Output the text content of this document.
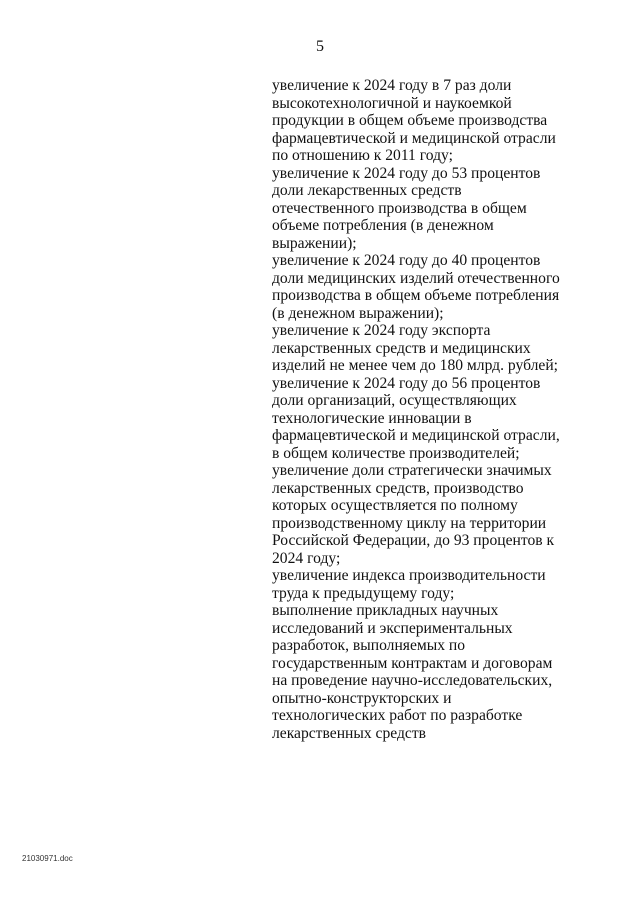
5
увеличение к 2024 году в 7 раз доли
высокотехнологичной и наукоемкой
продукции в общем объеме производства
фармацевтической и медицинской отрасли
по отношению к 2011 году;
увеличение к 2024 году до 53 процентов
доли лекарственных средств
отечественного производства в общем
объеме потребления (в денежном
выражении);
увеличение к 2024 году до 40 процентов
доли медицинских изделий отечественного
производства в общем объеме потребления
(в денежном выражении);
увеличение к 2024 году экспорта
лекарственных средств и медицинских
изделий не менее чем до 180 млрд. рублей;
увеличение к 2024 году до 56 процентов
доли организаций, осуществляющих
технологические инновации в
фармацевтической и медицинской отрасли,
в общем количестве производителей;
увеличение доли стратегически значимых
лекарственных средств, производство
которых осуществляется по полному
производственному циклу на территории
Российской Федерации, до 93 процентов к
2024 году;
увеличение индекса производительности
труда к предыдущему году;
выполнение прикладных научных
исследований и экспериментальных
разработок, выполняемых по
государственным контрактам и договорам
на проведение научно-исследовательских,
опытно-конструкторских и
технологических работ по разработке
лекарственных средств
21030971.doc
